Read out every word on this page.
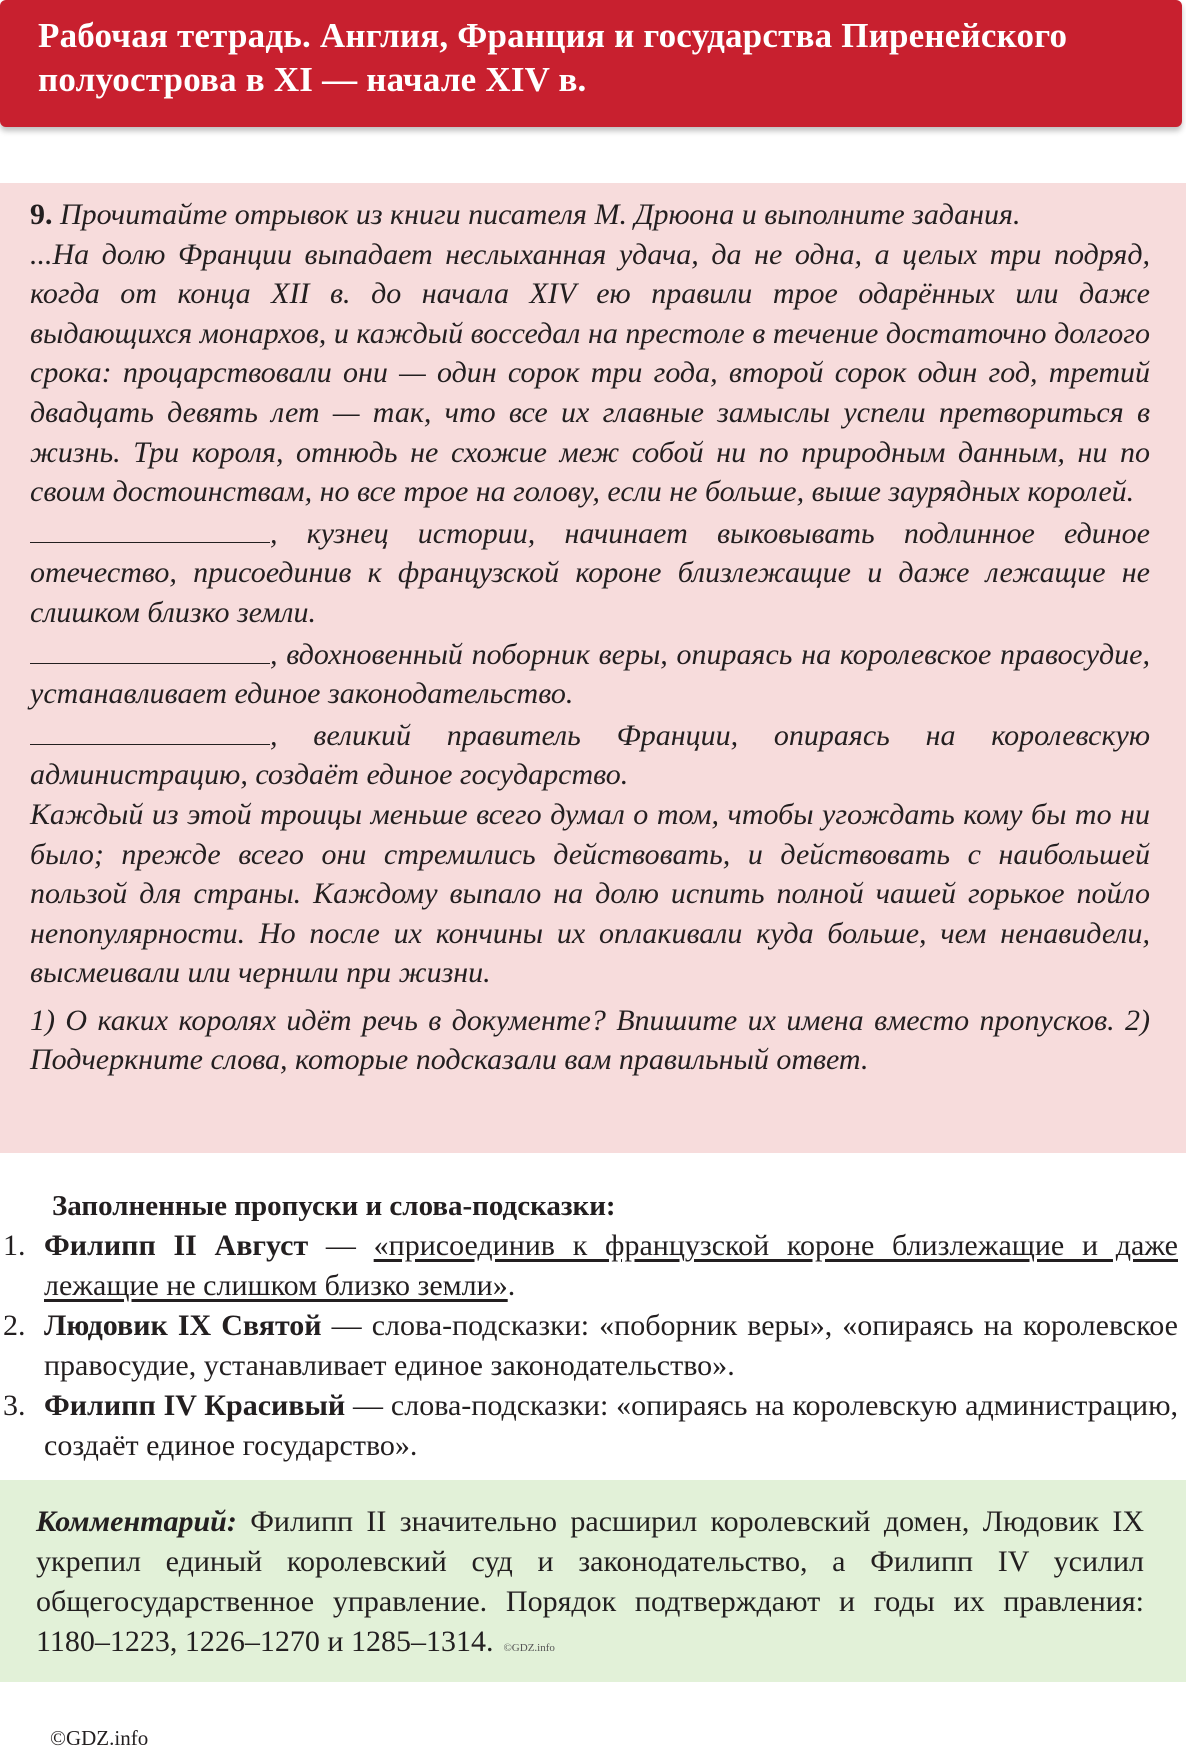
Рабочая тетрадь. Англия, Франция и государства Пиренейского полуострова в XI — начале XIV в.

9. Прочитайте отрывок из книги писателя М. Дрюона и выполните задания.

...На долю Франции выпадает неслыханная удача, да не одна, а целых три подряд, когда от конца XII в. до начала XIV ею правили трое одарённых или даже выдающихся монархов, и каждый восседал на престоле в течение достаточно долгого срока: процарствовали они — один сорок три года, второй сорок один год, третий двадцать девять лет — так, что все их главные замыслы успели претвориться в жизнь. Три короля, отнюдь не схожие меж собой ни по природным данным, ни по своим достоинствам, но все трое на голову, если не больше, выше заурядных королей.

, кузнец истории, начинает выковывать подлинное единое отечество, присоединив к французской короне близлежащие и даже лежащие не слишком близко земли.

, вдохновенный поборник веры, опираясь на королевское правосудие, устанавливает единое законодательство.

, великий правитель Франции, опираясь на королевскую администрацию, создаёт единое государство.

Каждый из этой троицы меньше всего думал о том, чтобы угождать кому бы то ни было; прежде всего они стремились действовать, и действовать с наибольшей пользой для страны. Каждому выпало на долю испить полной чашей горькое пойло непопулярности. Но после их кончины их оплакивали куда больше, чем ненавидели, высмеивали или чернили при жизни.

1) О каких королях идёт речь в документе? Впишите их имена вместо пропусков. 2) Подчеркните слова, которые подсказали вам правильный ответ.

Заполненные пропуски и слова-подсказки:
1. Филипп II Август — «присоединив к французской короне близлежащие и даже лежащие не слишком близко земли».
2. Людовик IX Святой — слова-подсказки: «поборник веры», «опираясь на королевское правосудие, устанавливает единое законодательство».
3. Филипп IV Красивый — слова-подсказки: «опираясь на королевскую администрацию, создаёт единое государство».
Комментарий: Филипп II значительно расширил королевский домен, Людовик IX укрепил единый королевский суд и законодательство, а Филипп IV усилил общегосударственное управление. Порядок подтверждают и годы их правления: 1180–1223, 1226–1270 и 1285–1314. ©GDZ.info
©GDZ.info
